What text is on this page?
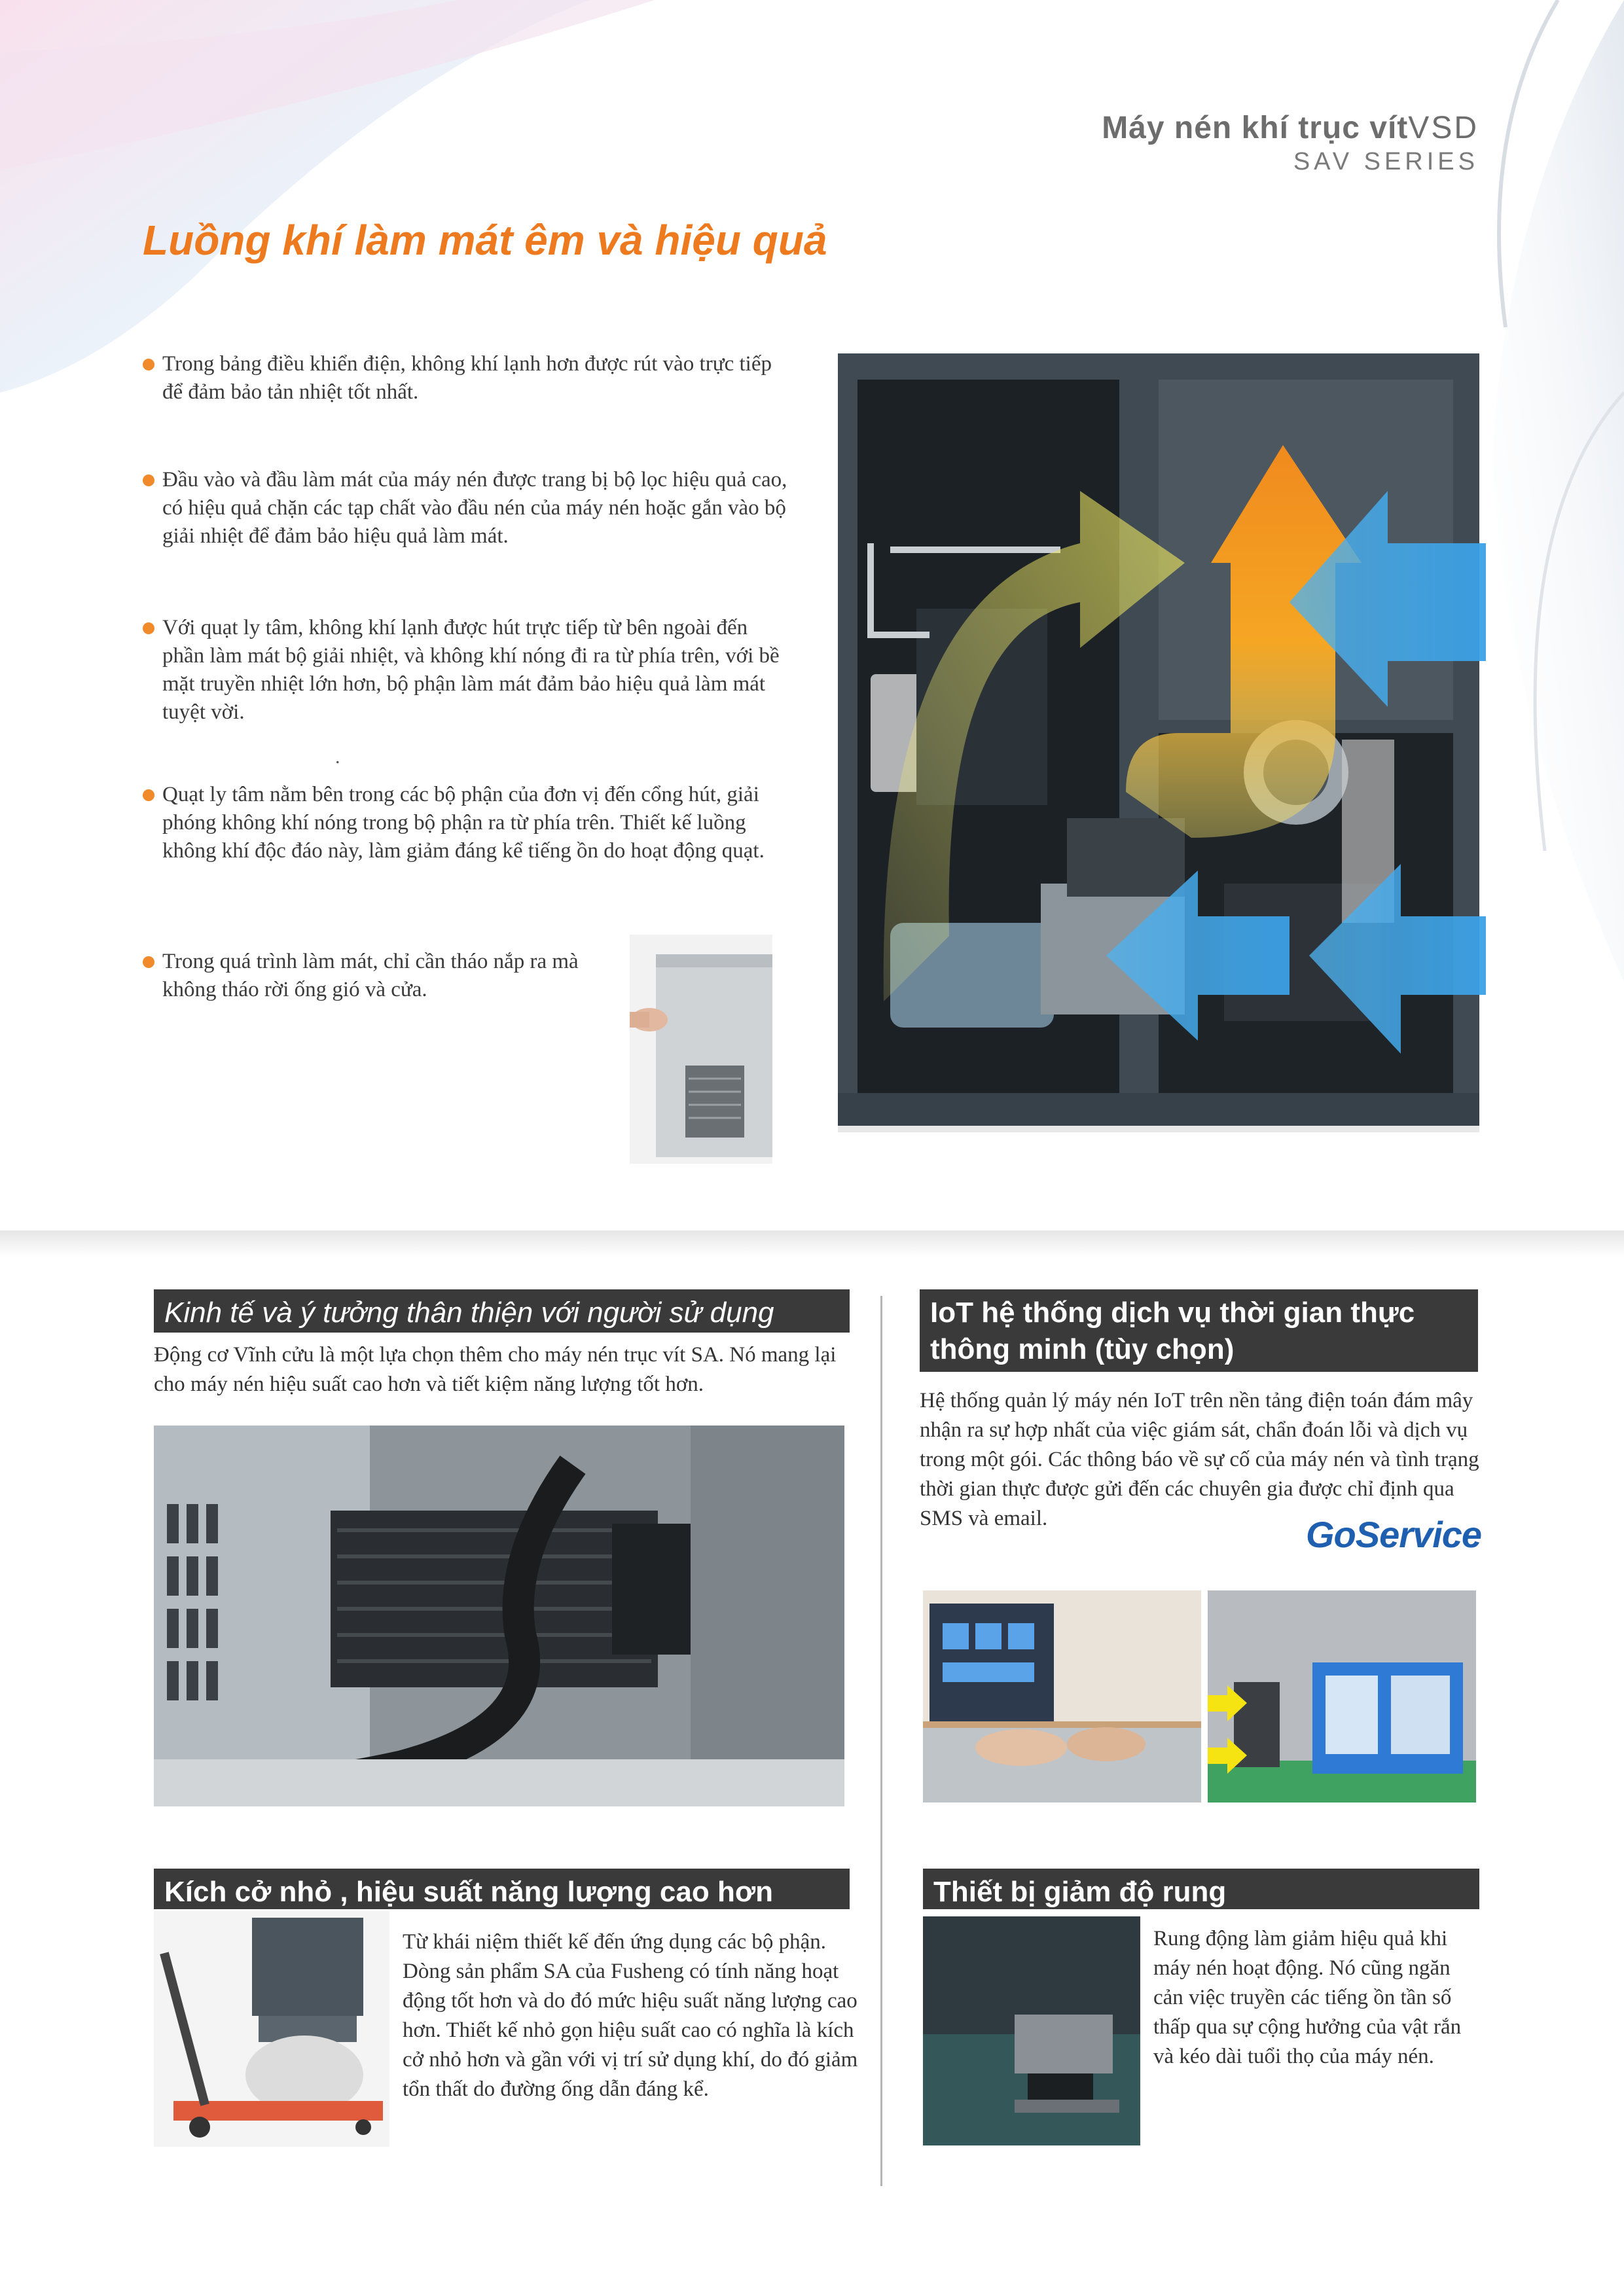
Máy nén khí trục vítVSD
SAV SERIES
Luồng khí làm mát êm và hiệu quả
Trong bảng điều khiển điện, không khí lạnh hơn được rút vào trực tiếp để đảm bảo tản nhiệt tốt nhất.
Đầu vào và đầu làm mát của máy nén được trang bị bộ lọc hiệu quả cao, có hiệu quả chặn các tạp chất vào đầu nén của máy nén hoặc gắn vào bộ giải nhiệt để đảm bảo hiệu quả làm mát.
Với quạt ly tâm, không khí lạnh được hút trực tiếp từ bên ngoài đến phần làm mát bộ giải nhiệt, và không khí nóng đi ra từ phía trên, với bề mặt truyền nhiệt lớn hơn, bộ phận làm mát đảm bảo hiệu quả làm mát tuyệt vời.
.
Quạt ly tâm nằm bên trong các bộ phận của đơn vị đến cổng hút, giải phóng không khí nóng trong bộ phận ra từ phía trên. Thiết kế luồng không khí độc đáo này, làm giảm đáng kể tiếng ồn do hoạt động quạt.
Trong quá trình làm mát, chỉ cần tháo nắp ra mà không tháo rời ống gió và cửa.
Kinh tế và ý tưởng thân thiện với người sử dụng
Động cơ Vĩnh cửu là một lựa chọn thêm cho máy nén trục vít SA. Nó mang lại cho máy nén hiệu suất cao hơn và tiết kiệm năng lượng tốt hơn.
IoT hệ thống dịch vụ thời gian thực thông minh (tùy chọn)
Hệ thống quản lý máy nén IoT trên nền tảng điện toán đám mây nhận ra sự hợp nhất của việc giám sát, chẩn đoán lỗi và dịch vụ trong một gói. Các thông báo về sự cố của máy nén và tình trạng thời gian thực được gửi đến các chuyên gia được chỉ định qua SMS và email.	GoService
Kích cở nhỏ , hiệu suất năng lượng cao hơn
Từ khái niệm thiết kế đến ứng dụng các bộ phận. Dòng sản phẩm SA của Fusheng có tính năng hoạt động tốt hơn và do đó mức hiệu suất năng lượng cao hơn. Thiết kế nhỏ gọn hiệu suất cao có nghĩa là kích cở nhỏ hơn và gần với vị trí sử dụng khí, do đó giảm tổn thất do đường ống dẫn đáng kể.
Thiết bị giảm độ rung
Rung động làm giảm hiệu quả khi máy nén hoạt động. Nó cũng ngăn cản việc truyền các tiếng ồn tần số thấp qua sự cộng hưởng của vật rắn và kéo dài tuổi thọ của máy nén.
